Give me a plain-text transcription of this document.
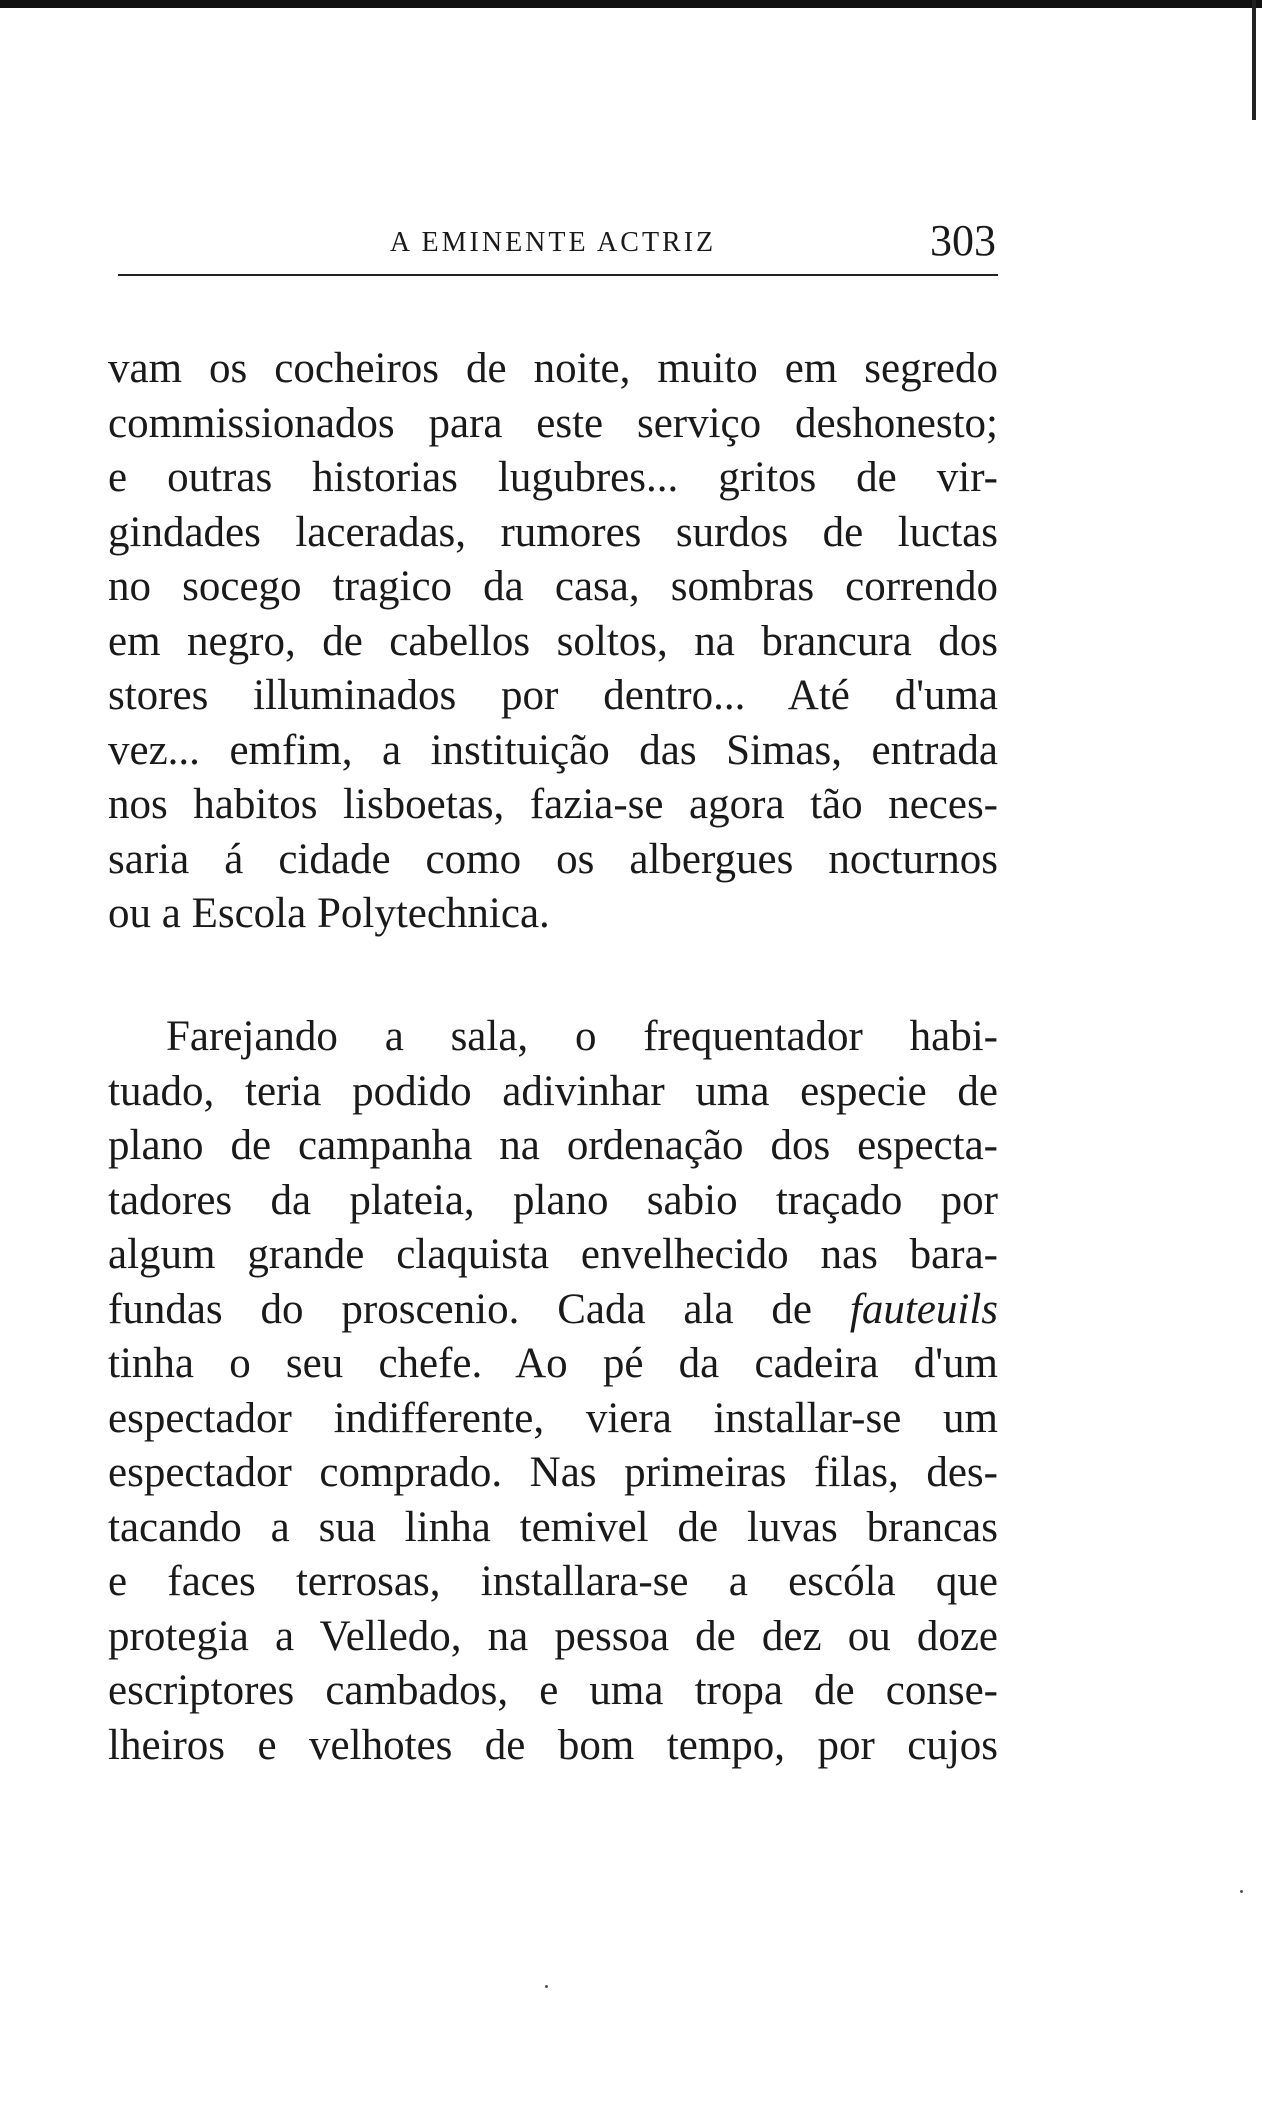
A EMINENTE ACTRIZ	303
vam os cocheiros de noite, muito em segredo
commissionados para este serviço deshonesto;
e outras historias lugubres... gritos de vir-
gindades laceradas, rumores surdos de luctas
no socego tragico da casa, sombras correndo
em negro, de cabellos soltos, na brancura dos
stores illuminados por dentro... Até d'uma
vez... emfim, a instituição das Simas, entrada
nos habitos lisboetas, fazia-se agora tão neces-
saria á cidade como os albergues nocturnos
ou a Escola Polytechnica.
Farejando a sala, o frequentador habi-
tuado, teria podido adivinhar uma especie de
plano de campanha na ordenação dos especta-
tadores da plateia, plano sabio traçado por
algum grande claquista envelhecido nas bara-
fundas do proscenio. Cada ala de fauteuils
tinha o seu chefe. Ao pé da cadeira d'um
espectador indifferente, viera installar-se um
espectador comprado. Nas primeiras filas, des-
tacando a sua linha temivel de luvas brancas
e faces terrosas, installara-se a escóla que
protegia a Velledo, na pessoa de dez ou doze
escriptores cambados, e uma tropa de conse-
lheiros e velhotes de bom tempo, por cujos
